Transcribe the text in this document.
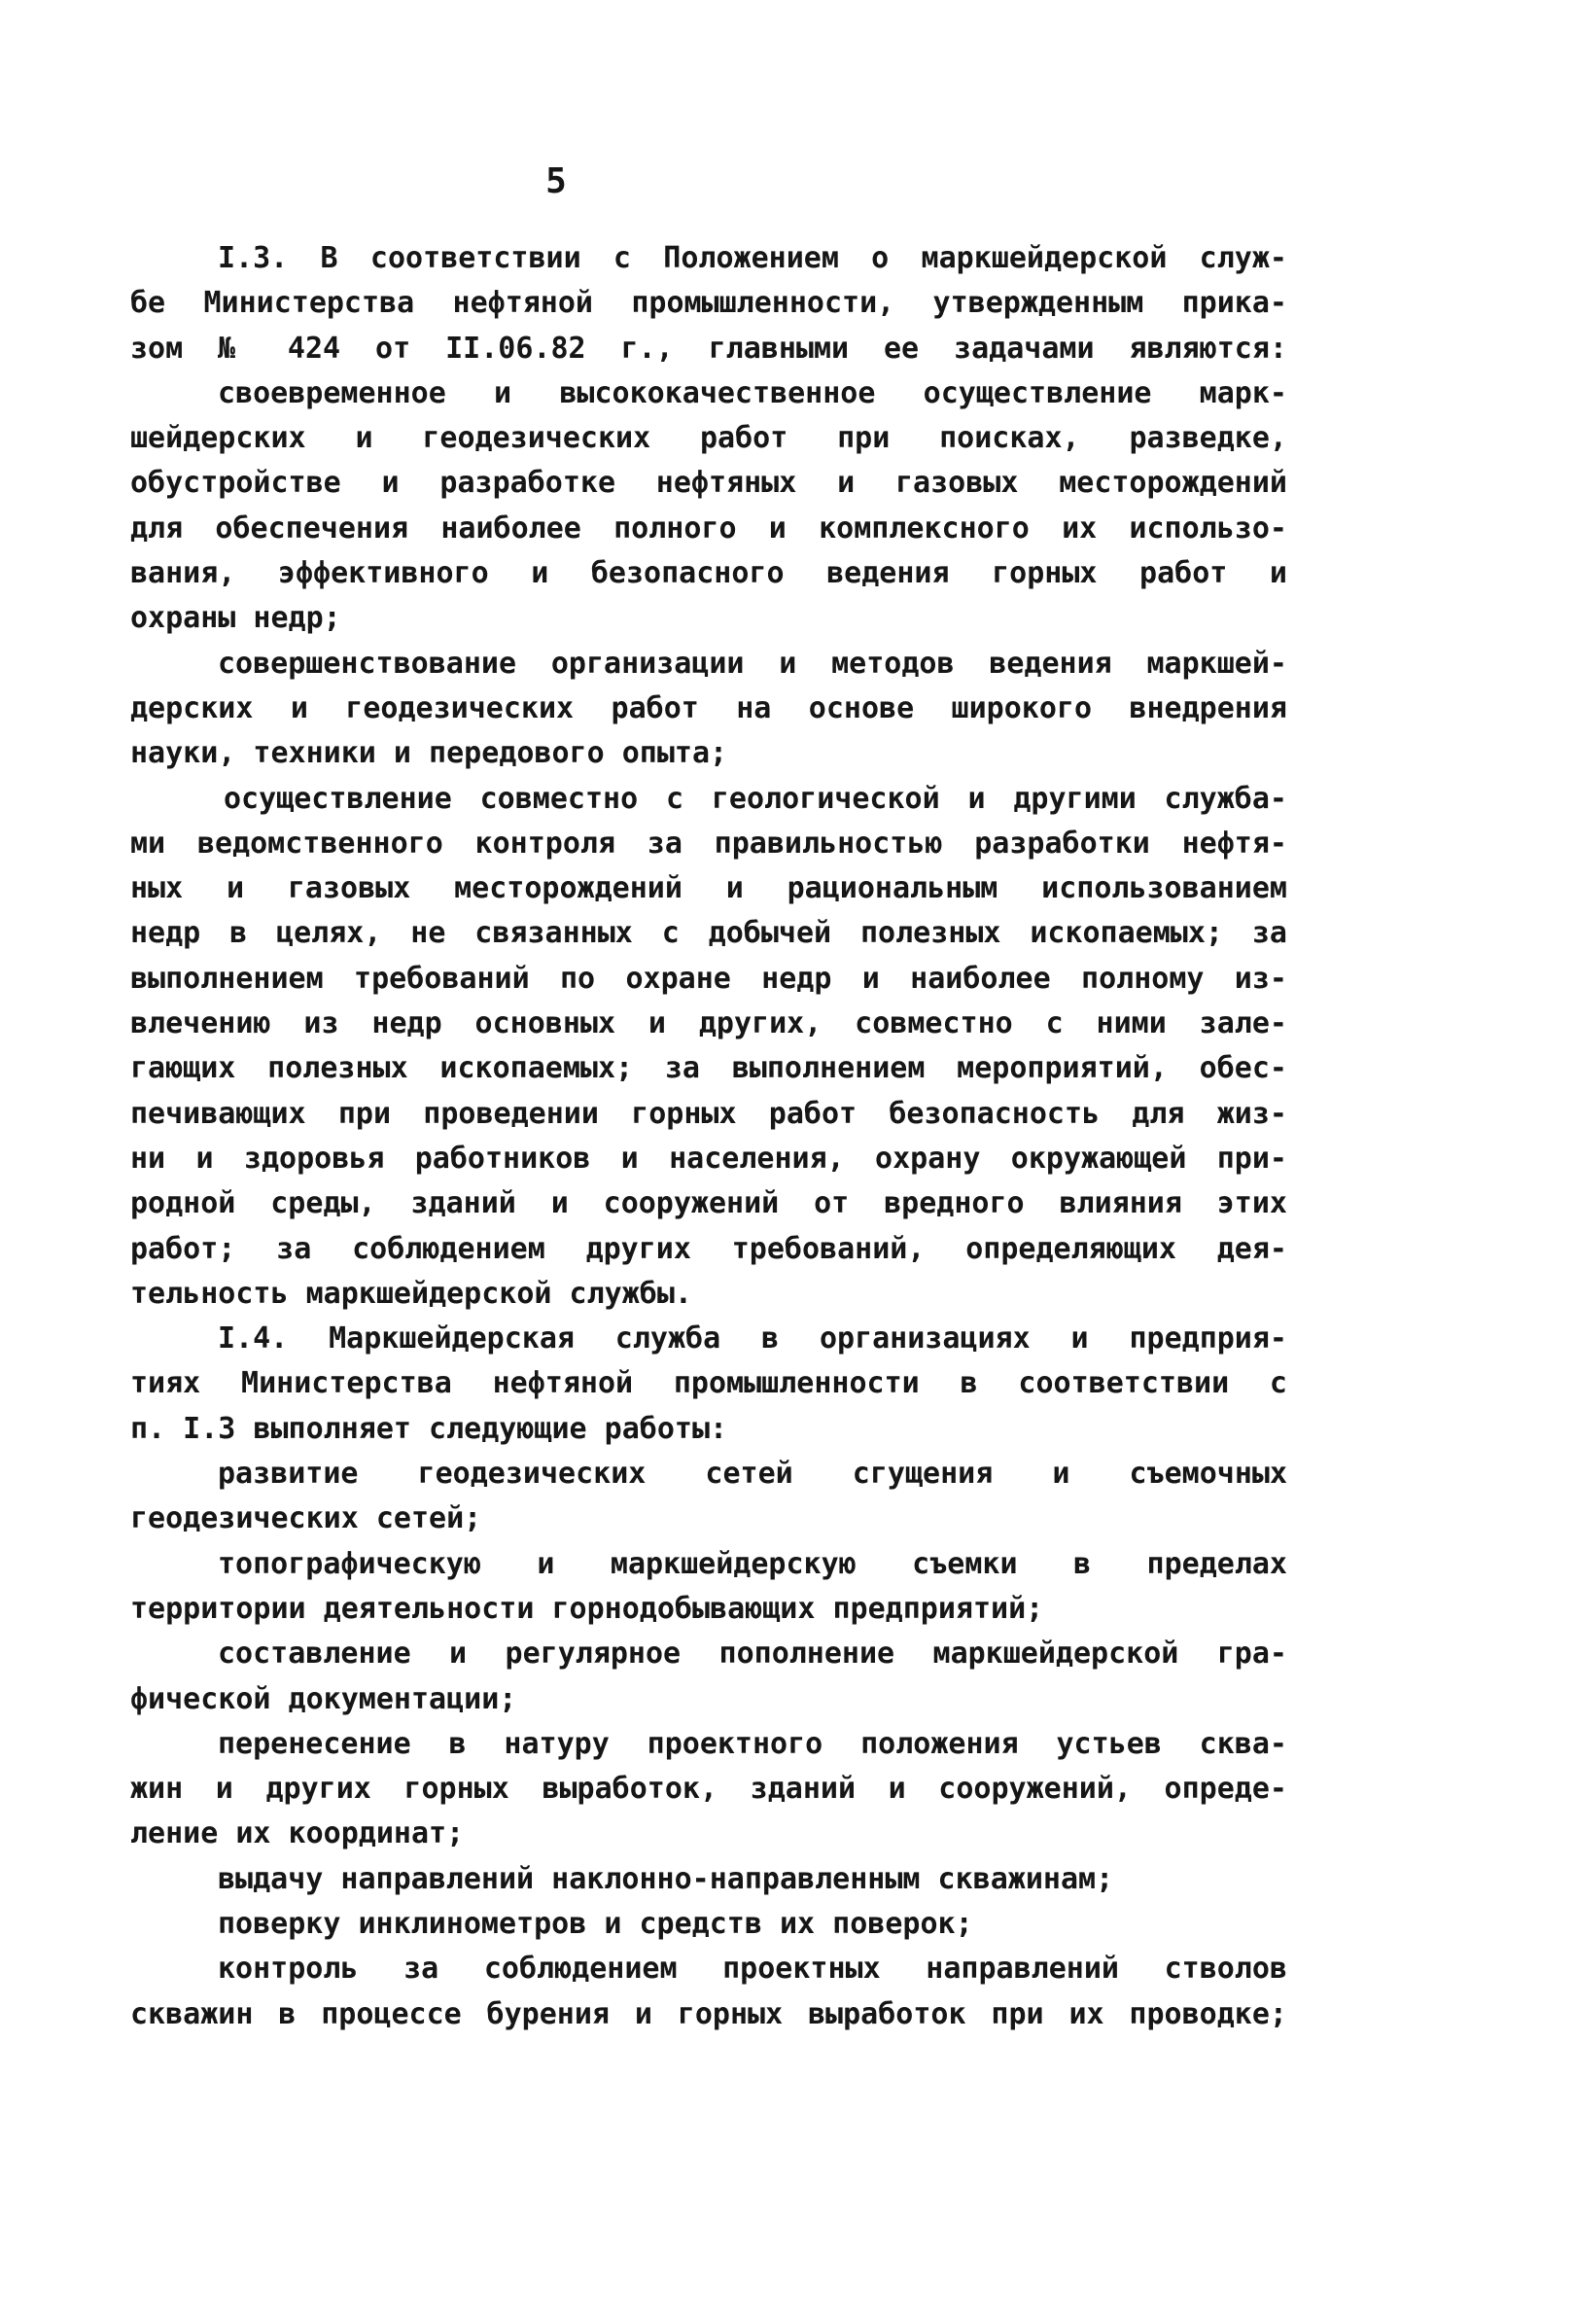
5
I.3. В соответствии с Положением о маркшейдерской служ-
бе Министерства нефтяной промышленности, утвержденным прика-
зом № 424 от II.06.82 г., главными ее задачами являются:
своевременное и высококачественное осуществление марк-
шейдерских и геодезических работ при поисках, разведке,
обустройстве и разработке нефтяных и газовых месторождений
для обеспечения наиболее полного и комплексного их использо-
вания, эффективного и безопасного ведения горных работ и
охраны недр;
совершенствование организации и методов ведения маркшей-
дерских и геодезических работ на основе широкого внедрения
науки, техники и передового опыта;
осуществление совместно с геологической и другими служба-
ми ведомственного контроля за правильностью разработки нефтя-
ных и газовых месторождений и рациональным использованием
недр в целях, не связанных с добычей полезных ископаемых; за
выполнением требований по охране недр и наиболее полному из-
влечению из недр основных и других, совместно с ними зале-
гающих полезных ископаемых; за выполнением мероприятий, обес-
печивающих при проведении горных работ безопасность для жиз-
ни и здоровья работников и населения, охрану окружающей при-
родной среды, зданий и сооружений от вредного влияния этих
работ; за соблюдением других требований, определяющих дея-
тельность маркшейдерской службы.
I.4. Маркшейдерская служба в организациях и предприя-
тиях Министерства нефтяной промышленности в соответствии с
п. I.3 выполняет следующие работы:
развитие геодезических сетей сгущения и съемочных
геодезических сетей;
топографическую и маркшейдерскую съемки в пределах
территории деятельности горнодобывающих предприятий;
составление и регулярное пополнение маркшейдерской гра-
фической документации;
перенесение в натуру проектного положения устьев сква-
жин и других горных выработок, зданий и сооружений, опреде-
ление их координат;
выдачу направлений наклонно-направленным скважинам;
поверку инклинометров и средств их поверок;
контроль за соблюдением проектных направлений стволов
скважин в процессе бурения и горных выработок при их проводке;
